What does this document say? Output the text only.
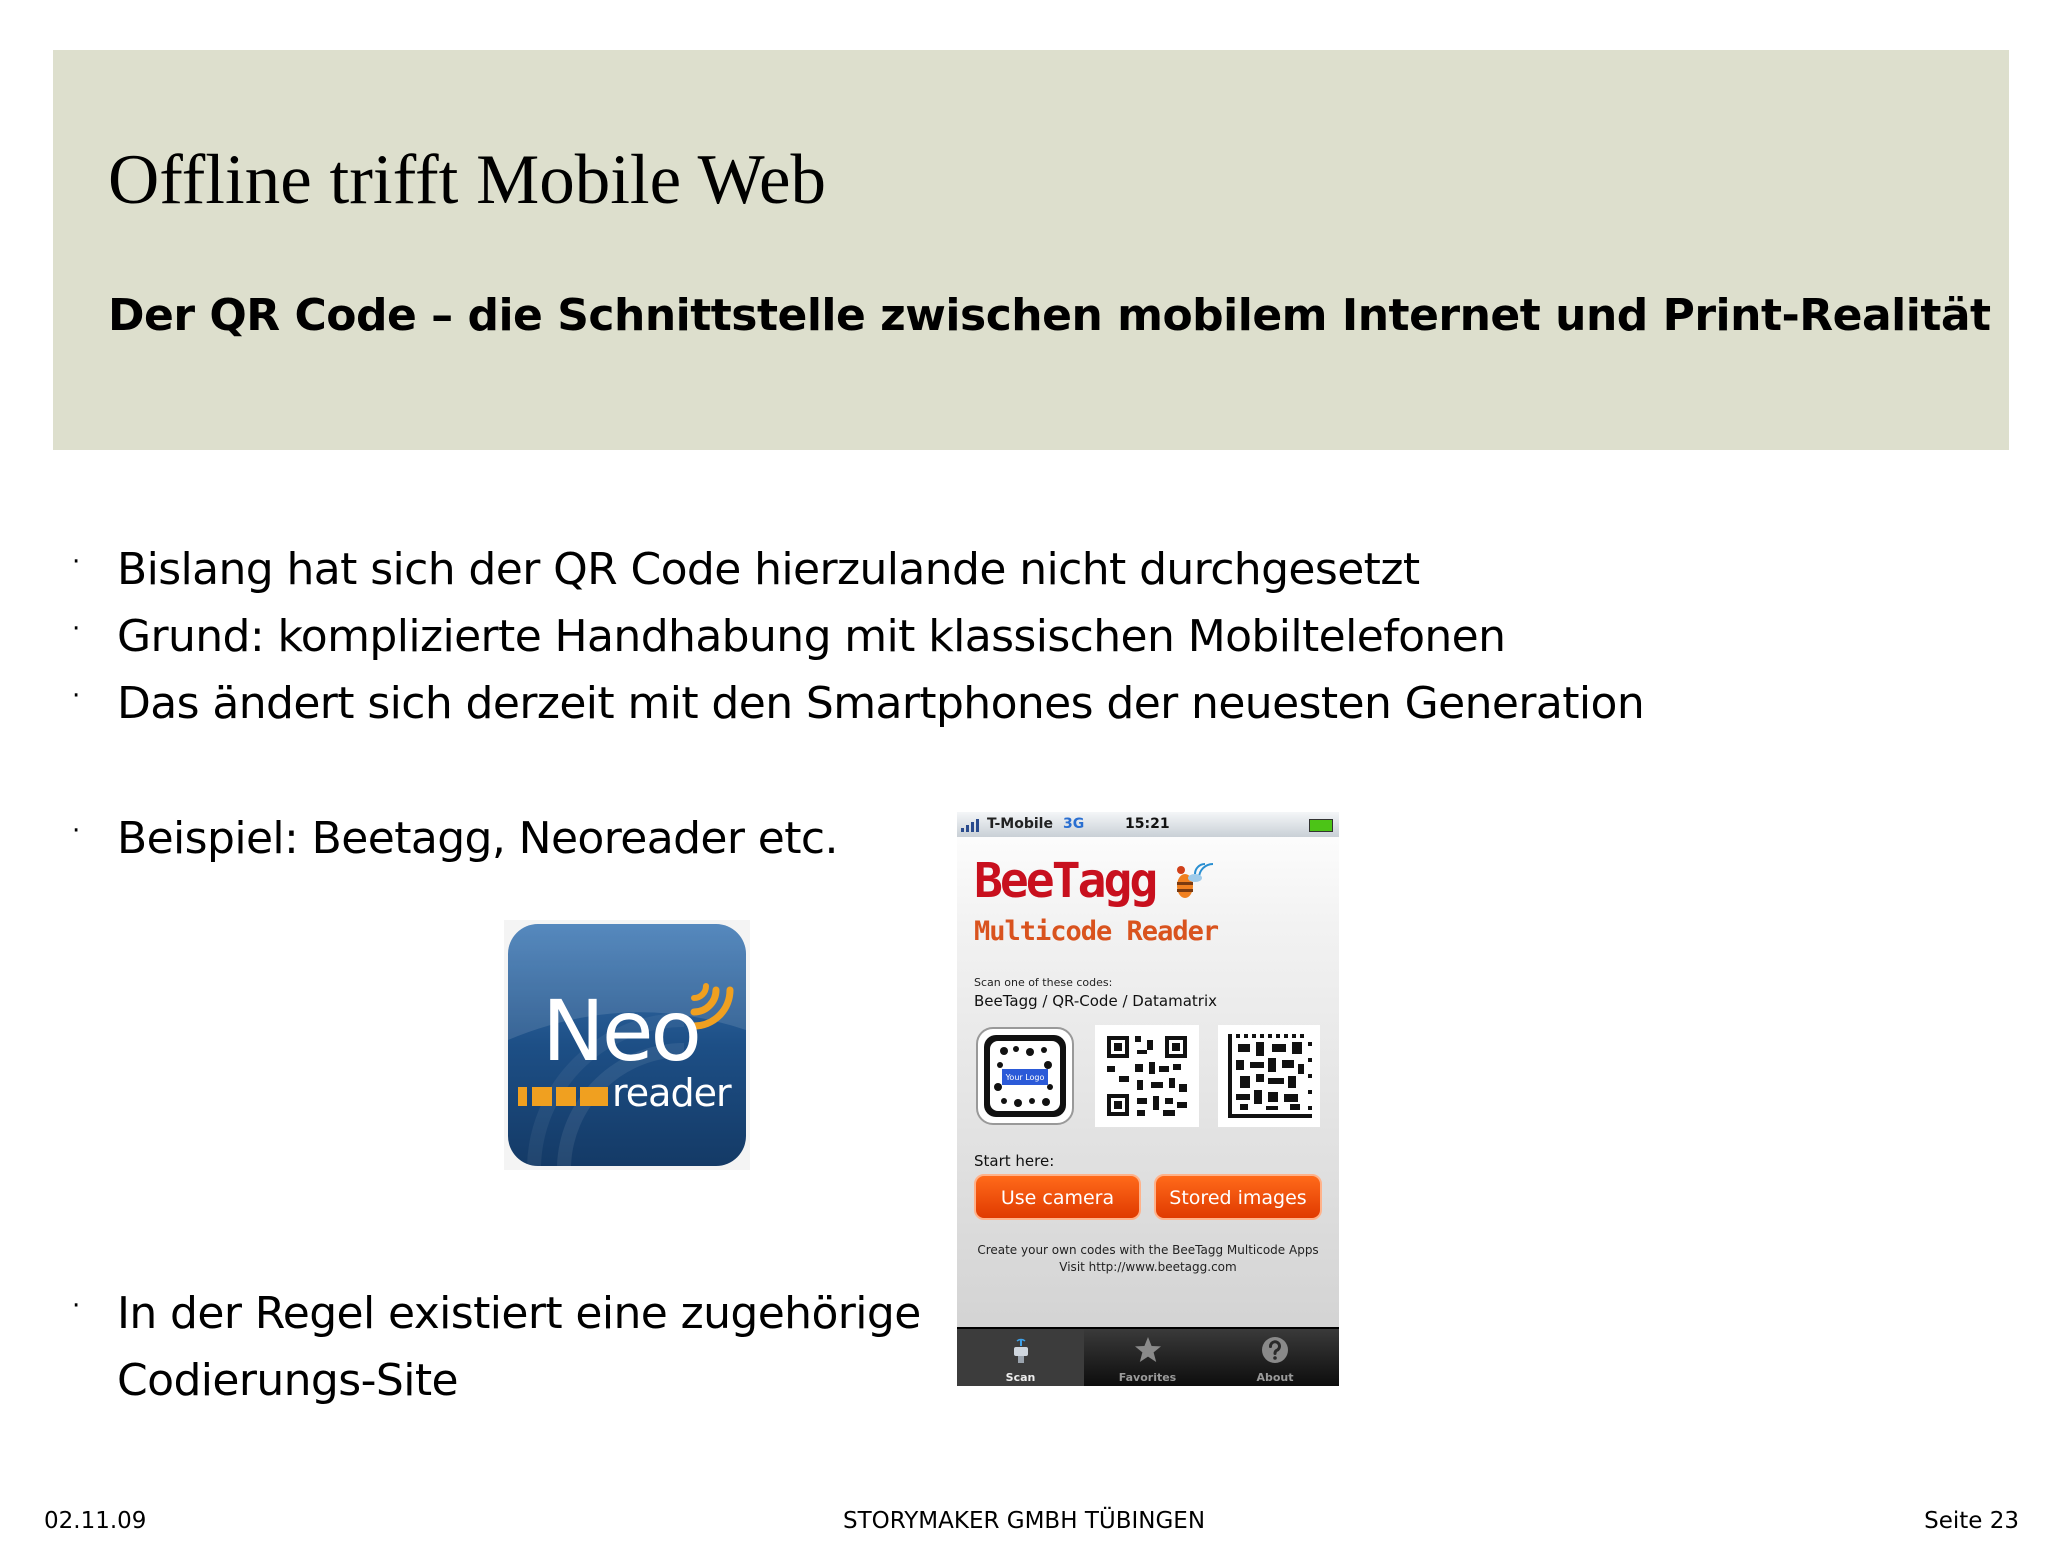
Offline trifft Mobile Web
Der QR Code – die Schnittstelle zwischen mobilem Internet und Print-Realität
· Bislang hat sich der QR Code hierzulande nicht durchgesetzt
· Grund: komplizierte Handhabung mit klassischen Mobiltelefonen
· Das ändert sich derzeit mit den Smartphones der neuesten Generation
· Beispiel: Beetagg, Neoreader etc.
· In der Regel existiert eine zugehörige
Codierungs-Site
Neo
reader
T-Mobile 3G	15:21
BeeTagg
Multicode Reader
Scan one of these codes:
BeeTagg / QR-Code / Datamatrix
Your Logo
Start here:
Use camera	Stored images
Create your own codes with the BeeTagg Multicode Apps
Visit http://www.beetagg.com
Scan	Favorites	About
02.11.09	STORYMAKER GMBH TÜBINGEN	Seite 23
